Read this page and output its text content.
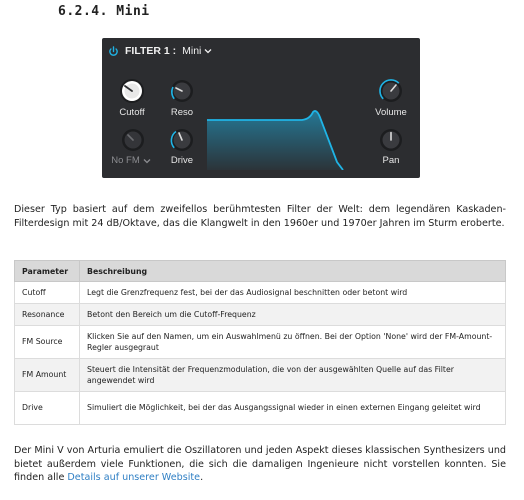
6.2.4. Mini
FILTER 1 : Mini
Cutoff	Reso	Volume
No FM	Drive	Pan
Dieser Typ basiert auf dem zweifellos berühmtesten Filter der Welt: dem legendären Kaskaden-Filterdesign mit 24 dB/Oktave, das die Klangwelt in den 1960er und 1970er Jahren im Sturm eroberte.
Parameter	Beschreibung
Cutoff	Legt die Grenzfrequenz fest, bei der das Audiosignal beschnitten oder betont wird
Resonance	Betont den Bereich um die Cutoff-Frequenz
FM Source	Klicken Sie auf den Namen, um ein Auswahlmenü zu öffnen. Bei der Option 'None' wird der FM-Amount-Regler ausgegraut
FM Amount	Steuert die Intensität der Frequenzmodulation, die von der ausgewählten Quelle auf das Filter angewendet wird
Drive	Simuliert die Möglichkeit, bei der das Ausgangssignal wieder in einen externen Eingang geleitet wird
Der Mini V von Arturia emuliert die Oszillatoren und jeden Aspekt dieses klassischen Synthesizers und bietet außerdem viele Funktionen, die sich die damaligen Ingenieure nicht vorstellen konnten. Sie finden alle Details auf unserer Website.
